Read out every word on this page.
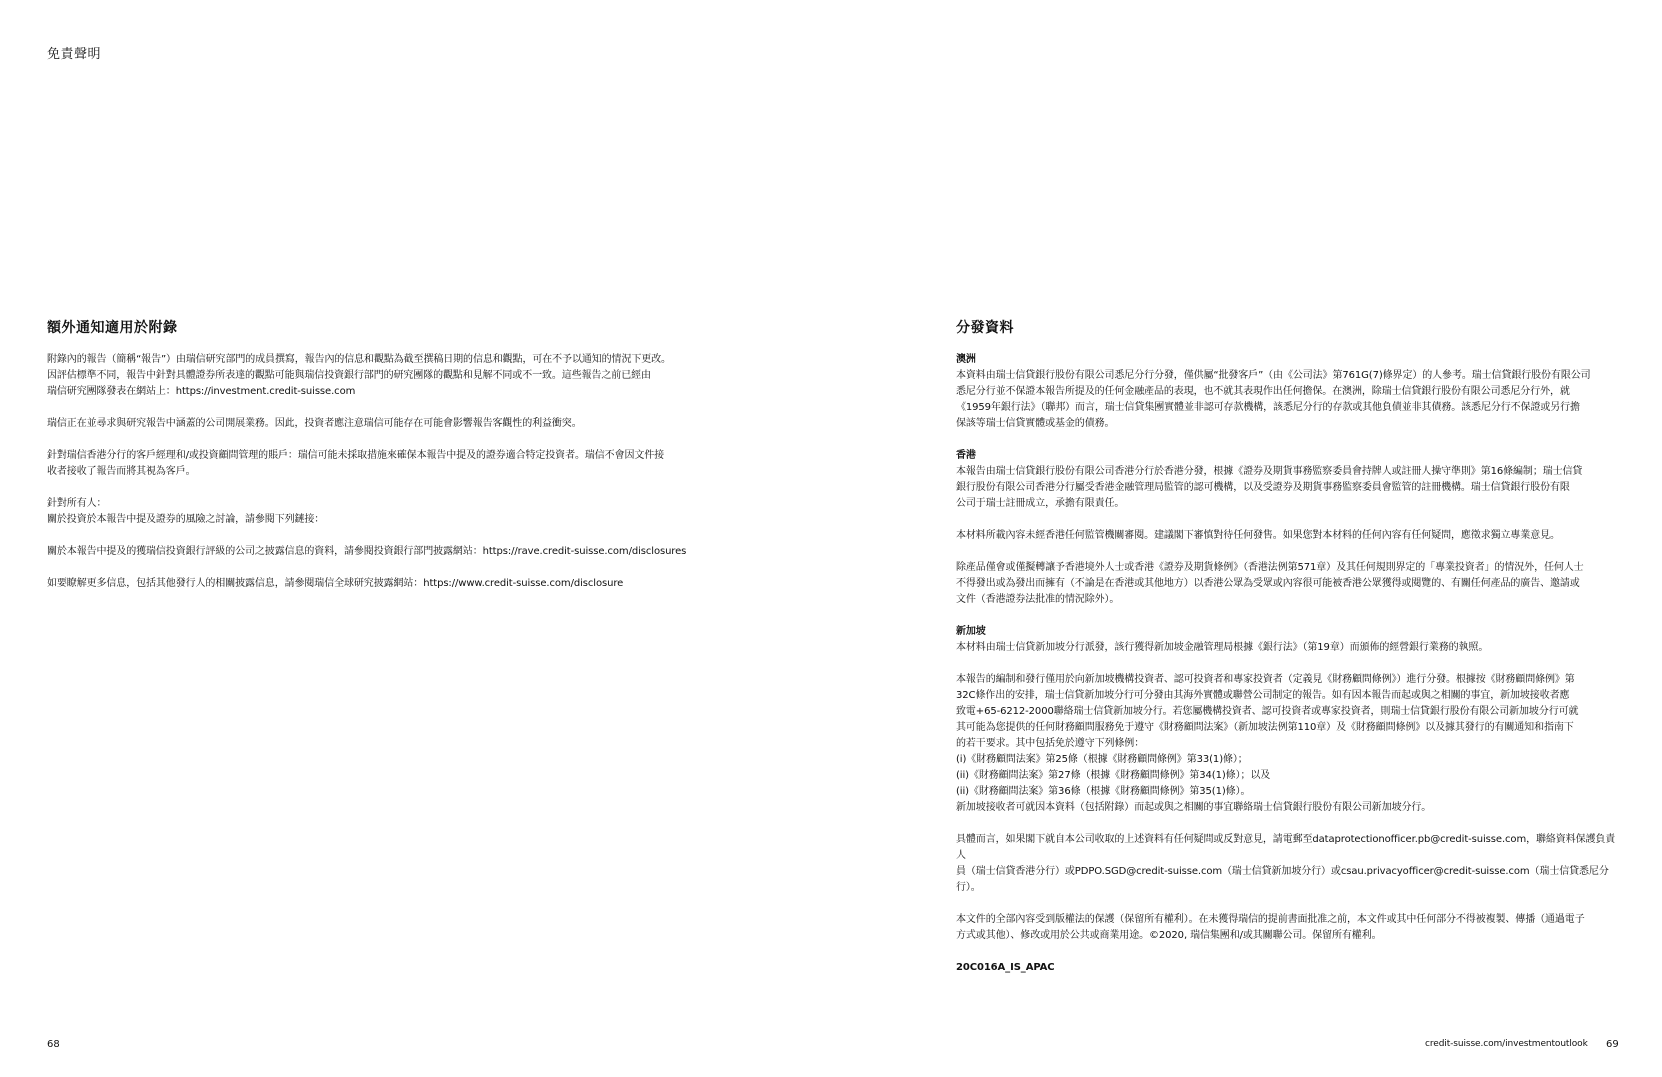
免責聲明
額外通知適用於附錄

附錄內的報告（簡稱“報告”）由瑞信研究部門的成員撰寫，報告內的信息和觀點為截至撰稿日期的信息和觀點，可在不予以通知的情況下更改。
因評估標準不同，報告中針對具體證券所表達的觀點可能與瑞信投資銀行部門的研究團隊的觀點和見解不同或不一致。這些報告之前已經由
瑞信研究團隊發表在網站上：https://investment.credit-suisse.com

瑞信正在並尋求與研究報告中涵蓋的公司開展業務。因此，投資者應注意瑞信可能存在可能會影響報告客觀性的利益衝突。

針對瑞信香港分行的客戶經理和/或投資顧問管理的賬戶：瑞信可能未採取措施來確保本報告中提及的證券適合特定投資者。瑞信不會因文件接
收者接收了報告而將其視為客戶。

針對所有人：
關於投資於本報告中提及證券的風險之討論，請參閱下列鏈接：

關於本報告中提及的獲瑞信投資銀行評級的公司之披露信息的資料，請參閱投資銀行部門披露網站：https://rave.credit-suisse.com/disclosures

如要瞭解更多信息，包括其他發行人的相關披露信息，請參閱瑞信全球研究披露網站：https://www.credit-suisse.com/disclosure

68
分發資料

澳洲

本資料由瑞士信貸銀行股份有限公司悉尼分行分發，僅供屬“批發客戶”（由《公司法》第761G(7)條界定）的人參考。瑞士信貸銀行股份有限公司
悉尼分行並不保證本報告所提及的任何金融產品的表現，也不就其表現作出任何擔保。在澳洲，除瑞士信貸銀行股份有限公司悉尼分行外，就
《1959年銀行法》（聯邦）而言，瑞士信貸集團實體並非認可存款機構，該悉尼分行的存款或其他負債並非其債務。該悉尼分行不保證或另行擔
保該等瑞士信貸實體或基金的債務。

香港

本報告由瑞士信貸銀行股份有限公司香港分行於香港分發，根據《證券及期貨事務監察委員會持牌人或註冊人操守準則》第16條編制；瑞士信貸
銀行股份有限公司香港分行屬受香港金融管理局監管的認可機構，以及受證券及期貨事務監察委員會監管的註冊機構。瑞士信貸銀行股份有限
公司于瑞士註冊成立，承擔有限責任。

本材料所載內容未經香港任何監管機關審閱。建議閣下審慎對待任何發售。如果您對本材料的任何內容有任何疑問，應徵求獨立專業意見。

除產品僅會或僅擬轉讓予香港境外人士或香港《證券及期貨條例》（香港法例第571章）及其任何規則界定的「專業投資者」的情況外，任何人士
不得發出或為發出而擁有（不論是在香港或其他地方）以香港公眾為受眾或內容很可能被香港公眾獲得或閱覽的、有關任何產品的廣告、邀請或
文件（香港證券法批准的情況除外）。

新加坡

本材料由瑞士信貸新加坡分行派發，該行獲得新加坡金融管理局根據《銀行法》（第19章）而頒佈的經營銀行業務的執照。

本報告的編制和發行僅用於向新加坡機構投資者、認可投資者和專家投資者（定義見《財務顧問條例》）進行分發。根據按《財務顧問條例》第
32C條作出的安排，瑞士信貸新加坡分行可分發由其海外實體或聯營公司制定的報告。如有因本報告而起或與之相關的事宜，新加坡接收者應
致電+65-6212-2000聯絡瑞士信貸新加坡分行。若您屬機構投資者、認可投資者或專家投資者，則瑞士信貸銀行股份有限公司新加坡分行可就
其可能為您提供的任何財務顧問服務免于遵守《財務顧問法案》（新加坡法例第110章）及《財務顧問條例》以及據其發行的有關通知和指南下
的若干要求。其中包括免於遵守下列條例：
(i)《財務顧問法案》第25條（根據《財務顧問條例》第33(1)條）；
(ii)《財務顧問法案》第27條（根據《財務顧問條例》第34(1)條）；以及
(ii)《財務顧問法案》第36條（根據《財務顧問條例》第35(1)條）。
新加坡接收者可就因本資料（包括附錄）而起或與之相關的事宜聯絡瑞士信貸銀行股份有限公司新加坡分行。

具體而言，如果閣下就自本公司收取的上述資料有任何疑問或反對意見，請電郵至dataprotectionofficer.pb@credit-suisse.com，聯絡資料保護負責人
員（瑞士信貸香港分行）或PDPO.SGD@credit-suisse.com（瑞士信貸新加坡分行）或csau.privacyofficer@credit-suisse.com（瑞士信貸悉尼分行）。

本文件的全部內容受到版權法的保護（保留所有權利）。在未獲得瑞信的提前書面批准之前，本文件或其中任何部分不得被複製、傳播（通過電子
方式或其他）、修改或用於公共或商業用途。©2020, 瑞信集團和/或其關聯公司。保留所有權利。

20C016A_IS_APAC

credit-suisse.com/investmentoutlook 69
